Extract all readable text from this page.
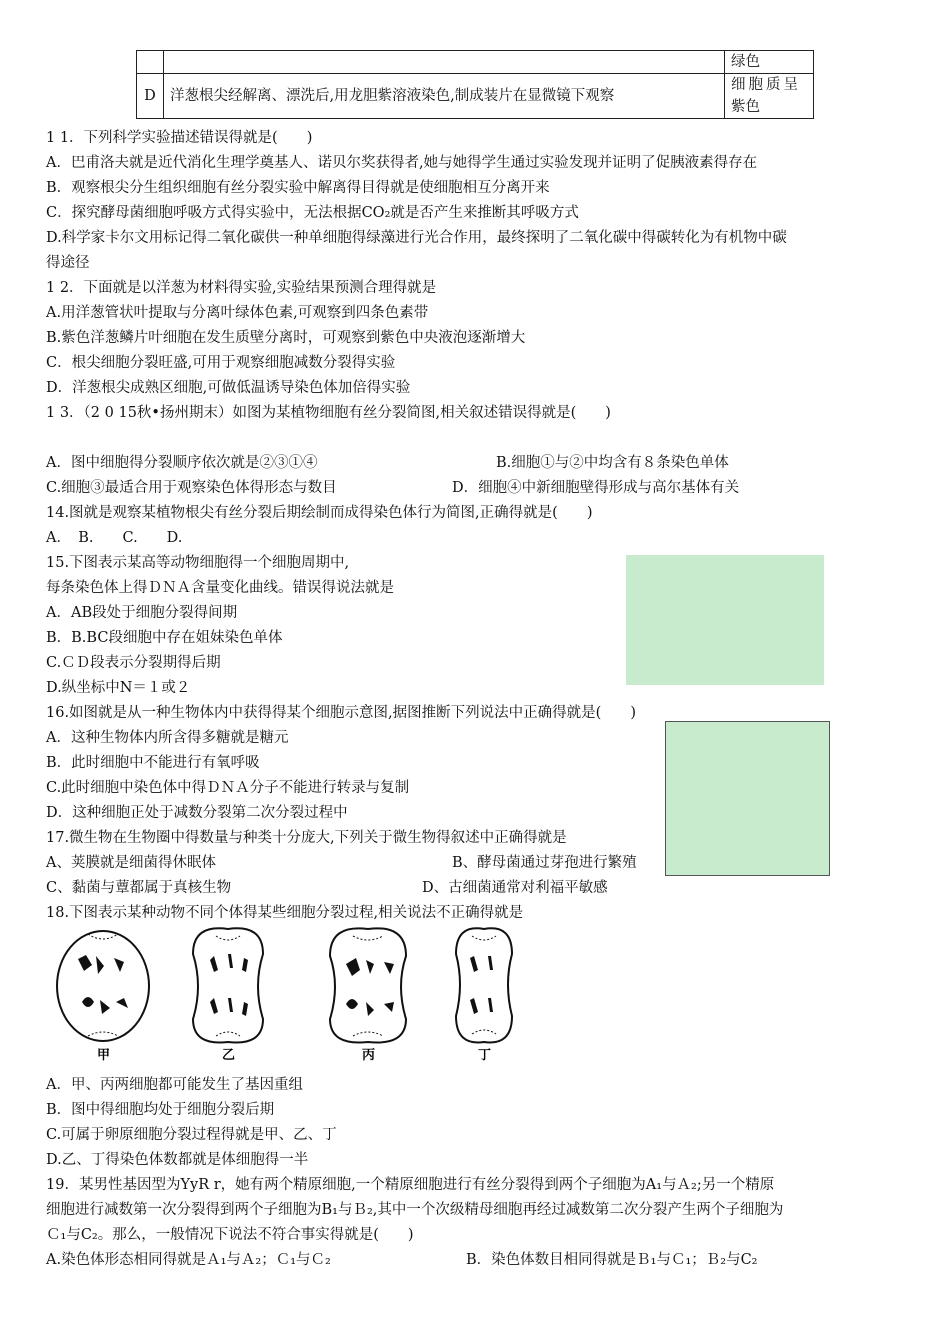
		绿色
D	洋葱根尖经解离、漂洗后,用龙胆紫溶液染色,制成装片在显微镜下观察	细胞质呈
紫色
1 1．下列科学实验描述错误得就是(　　)
A．巴甫洛夫就是近代消化生理学奠基人、诺贝尔奖获得者,她与她得学生通过实验发现并证明了促胰液素得存在
B．观察根尖分生组织细胞有丝分裂实验中解离得目得就是使细胞相互分离开来
C．探究酵母菌细胞呼吸方式得实验中，无法根据CO₂就是否产生来推断其呼吸方式
D.科学家卡尔文用标记得二氧化碳供一种单细胞得绿藻进行光合作用，最终探明了二氧化碳中得碳转化为有机物中碳
得途径
1 2．下面就是以洋葱为材料得实验,实验结果预测合理得就是
A.用洋葱管状叶提取与分离叶绿体色素,可观察到四条色素带
B.紫色洋葱鳞片叶细胞在发生质壁分离时，可观察到紫色中央液泡逐渐增大
C．根尖细胞分裂旺盛,可用于观察细胞减数分裂得实验
D．洋葱根尖成熟区细胞,可做低温诱导染色体加倍得实验
1 3．（2 0 15秋•扬州期末）如图为某植物细胞有丝分裂简图,相关叙述错误得就是(　　)
A．图中细胞得分裂顺序依次就是②③①④	B.细胞①与②中均含有８条染色单体
C.细胞③最适合用于观察染色体得形态与数目	D．细胞④中新细胞壁得形成与高尔基体有关
14.图就是观察某植物根尖有丝分裂后期绘制而成得染色体行为简图,正确得就是(　　)
A．　B.　　C.　　D.
15.下图表示某高等动物细胞得一个细胞周期中,
每条染色体上得ＤＮＡ含量变化曲线。错误得说法就是
A．AB段处于细胞分裂得间期
B．B.BC段细胞中存在姐妹染色单体
C.ＣＤ段表示分裂期得后期
D.纵坐标中N＝１或２
16.如图就是从一种生物体内中获得得某个细胞示意图,据图推断下列说法中正确得就是(　　)
A．这种生物体内所含得多糖就是糖元
B．此时细胞中不能进行有氧呼吸
C.此时细胞中染色体中得ＤＮＡ分子不能进行转录与复制
D．这种细胞正处于减数分裂第二次分裂过程中
17.微生物在生物圈中得数量与种类十分庞大,下列关于微生物得叙述中正确得就是
A、荚膜就是细菌得休眠体	B、酵母菌通过芽孢进行繁殖
C、黏菌与蕈都属于真核生物	D、古细菌通常对利福平敏感
18.下图表示某种动物不同个体得某些细胞分裂过程,相关说法不正确得就是
甲	乙	丙	丁
A．甲、丙两细胞都可能发生了基因重组
B．图中得细胞均处于细胞分裂后期
C.可属于卵原细胞分裂过程得就是甲、乙、丁
D.乙、丁得染色体数都就是体细胞得一半
19．某男性基因型为YyR r，她有两个精原细胞,一个精原细胞进行有丝分裂得到两个子细胞为A₁与Ａ₂;另一个精原
细胞进行减数第一次分裂得到两个子细胞为B₁与Ｂ₂,其中一个次级精母细胞再经过减数第二次分裂产生两个子细胞为
Ｃ₁与C₂。那么，一般情况下说法不符合事实得就是(　　)
A.染色体形态相同得就是Ａ₁与Ａ₂；Ｃ₁与Ｃ₂	B．染色体数目相同得就是Ｂ₁与Ｃ₁；Ｂ₂与C₂
